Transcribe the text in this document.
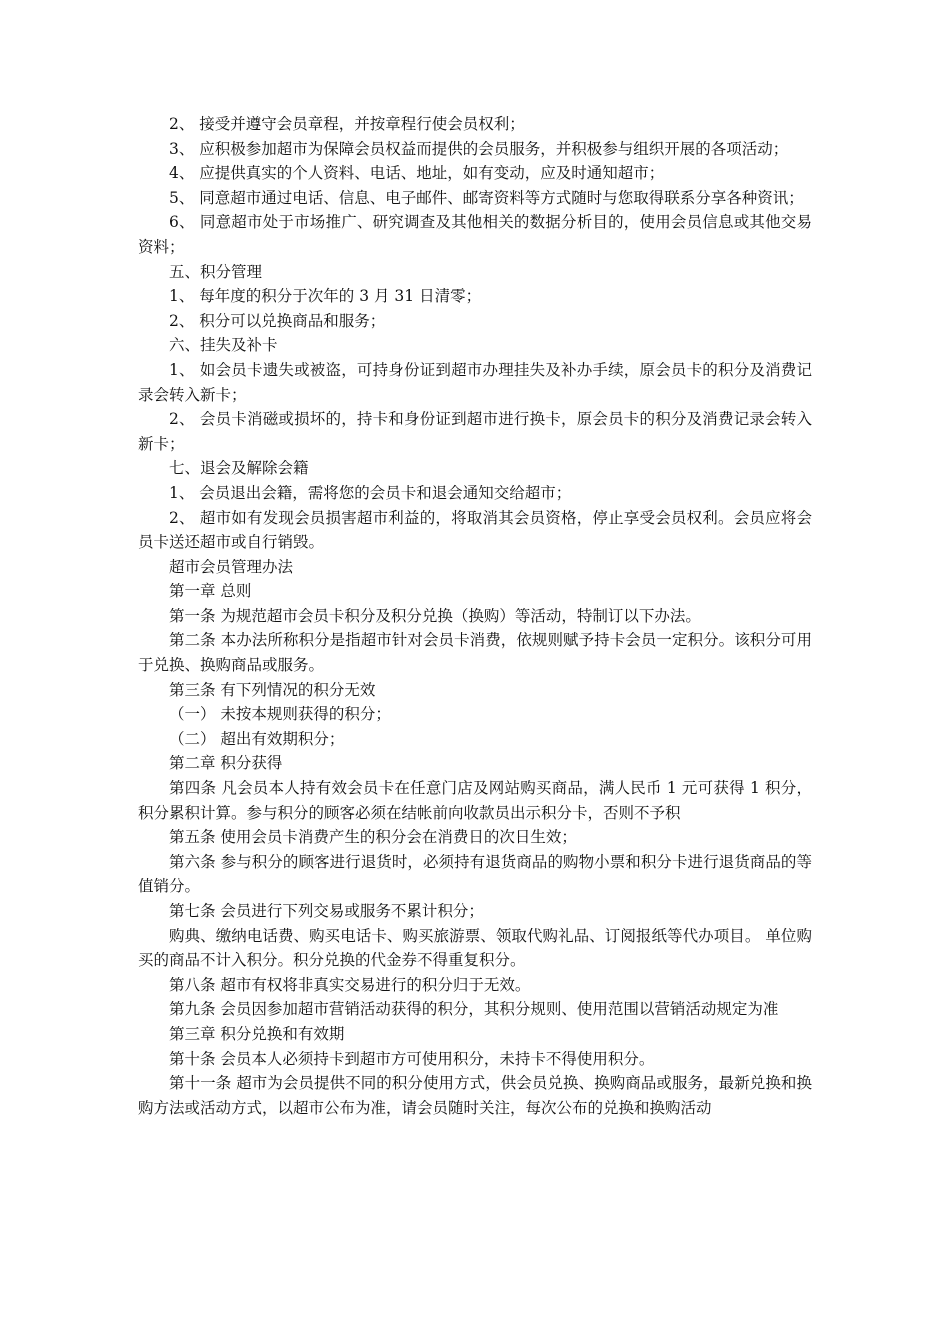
2、 接受并遵守会员章程，并按章程行使会员权利；

3、 应积极参加超市为保障会员权益而提供的会员服务，并积极参与组织开展的各项活动；

4、 应提供真实的个人资料、电话、地址，如有变动，应及时通知超市；

5、 同意超市通过电话、信息、电子邮件、邮寄资料等方式随时与您取得联系分享各种资讯；

6、 同意超市处于市场推广、研究调查及其他相关的数据分析目的，使用会员信息或其他交易资料；

五、积分管理

1、 每年度的积分于次年的 3 月 31 日清零；

2、 积分可以兑换商品和服务；

六、挂失及补卡

1、 如会员卡遗失或被盗，可持身份证到超市办理挂失及补办手续，原会员卡的积分及消费记录会转入新卡；

2、 会员卡消磁或损坏的，持卡和身份证到超市进行换卡，原会员卡的积分及消费记录会转入新卡；

七、退会及解除会籍

1、 会员退出会籍，需将您的会员卡和退会通知交给超市；

2、 超市如有发现会员损害超市利益的，将取消其会员资格，停止享受会员权利。会员应将会员卡送还超市或自行销毁。

超市会员管理办法

第一章 总则

第一条 为规范超市会员卡积分及积分兑换（换购）等活动，特制订以下办法。

第二条 本办法所称积分是指超市针对会员卡消费，依规则赋予持卡会员一定积分。该积分可用于兑换、换购商品或服务。

第三条 有下列情况的积分无效

（一） 未按本规则获得的积分；

（二） 超出有效期积分；

第二章 积分获得

第四条 凡会员本人持有效会员卡在任意门店及网站购买商品，满人民币 1 元可获得 1 积分，积分累积计算。参与积分的顾客必须在结帐前向收款员出示积分卡，否则不予积

第五条 使用会员卡消费产生的积分会在消费日的次日生效；

第六条 参与积分的顾客进行退货时，必须持有退货商品的购物小票和积分卡进行退货商品的等值销分。

第七条 会员进行下列交易或服务不累计积分；

购典、缴纳电话费、购买电话卡、购买旅游票、领取代购礼品、订阅报纸等代办项目。 单位购买的商品不计入积分。积分兑换的代金券不得重复积分。

第八条 超市有权将非真实交易进行的积分归于无效。

第九条 会员因参加超市营销活动获得的积分，其积分规则、使用范围以营销活动规定为准

第三章 积分兑换和有效期

第十条 会员本人必须持卡到超市方可使用积分，未持卡不得使用积分。

第十一条 超市为会员提供不同的积分使用方式，供会员兑换、换购商品或服务，最新兑换和换购方法或活动方式，以超市公布为准，请会员随时关注，每次公布的兑换和换购活动
